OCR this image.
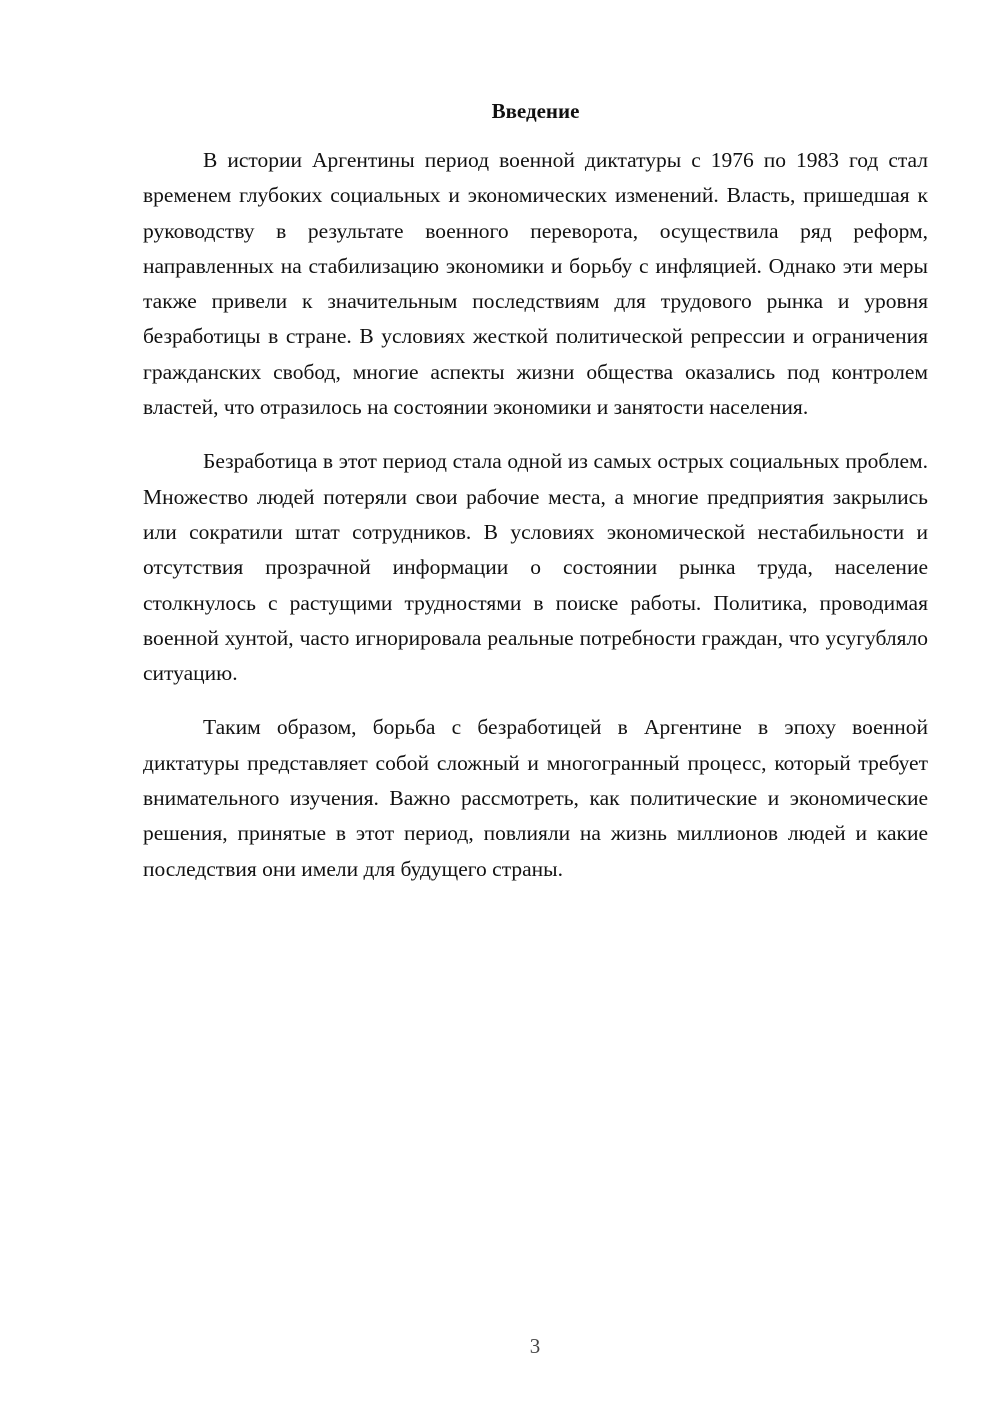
Введение

В истории Аргентины период военной диктатуры с 1976 по 1983 год стал временем глубоких социальных и экономических изменений. Власть, пришедшая к руководству в результате военного переворота, осуществила ряд реформ, направленных на стабилизацию экономики и борьбу с инфляцией. Однако эти меры также привели к значительным последствиям для трудового рынка и уровня безработицы в стране. В условиях жесткой политической репрессии и ограничения гражданских свобод, многие аспекты жизни общества оказались под контролем властей, что отразилось на состоянии экономики и занятости населения.

Безработица в этот период стала одной из самых острых социальных проблем. Множество людей потеряли свои рабочие места, а многие предприятия закрылись или сократили штат сотрудников. В условиях экономической нестабильности и отсутствия прозрачной информации о состоянии рынка труда, население столкнулось с растущими трудностями в поиске работы. Политика, проводимая военной хунтой, часто игнорировала реальные потребности граждан, что усугубляло ситуацию.

Таким образом, борьба с безработицей в Аргентине в эпоху военной диктатуры представляет собой сложный и многогранный процесс, который требует внимательного изучения. Важно рассмотреть, как политические и экономические решения, принятые в этот период, повлияли на жизнь миллионов людей и какие последствия они имели для будущего страны.

3
